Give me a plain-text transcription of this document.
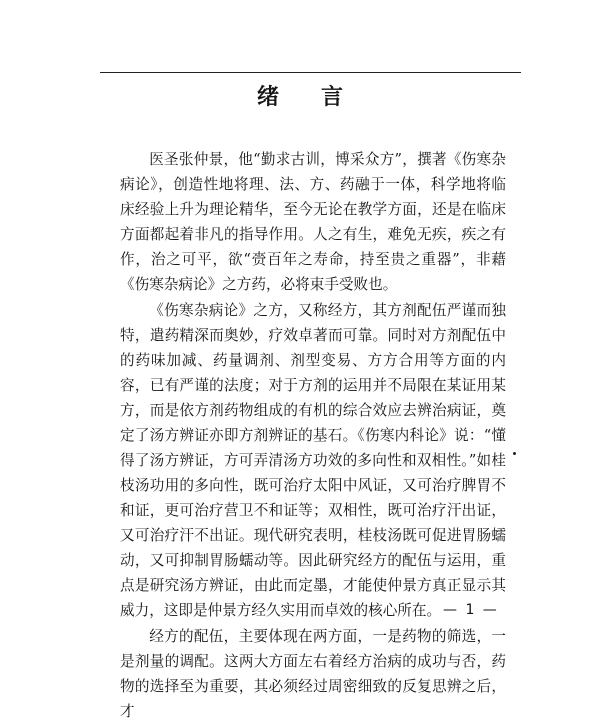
绪 言

医圣张仲景，他“勤求古训，博采众方”，撰著《伤寒杂病论》，创造性地将理、法、方、药融于一体，科学地将临床经验上升为理论精华，至今无论在教学方面，还是在临床方面都起着非凡的指导作用。人之有生，难免无疾，疾之有作，治之可平，欲“赍百年之寿命，持至贵之重器”，非藉《伤寒杂病论》之方药，必将束手受败也。

《伤寒杂病论》之方，又称经方，其方剂配伍严谨而独特，遣药精深而奥妙，疗效卓著而可靠。同时对方剂配伍中的药味加减、药量调剂、剂型变易、方方合用等方面的内容，已有严谨的法度；对于方剂的运用并不局限在某证用某方，而是依方剂药物组成的有机的综合效应去辨治病证，奠定了汤方辨证亦即方剂辨证的基石。《伤寒内科论》说：“懂得了汤方辨证，方可弄清汤方功效的多向性和双相性。”如桂枝汤功用的多向性，既可治疗太阳中风证，又可治疗脾胃不和证，更可治疗营卫不和证等；双相性，既可治疗汗出证，又可治疗汗不出证。现代研究表明，桂枝汤既可促进胃肠蠕动，又可抑制胃肠蠕动等。因此研究经方的配伍与运用，重点是研究汤方辨证，由此而定墨，才能使仲景方真正显示其威力，这即是仲景方经久实用而卓效的核心所在。

经方的配伍，主要体现在两方面，一是药物的筛选，一是剂量的调配。这两大方面左右着经方治病的成功与否，药物的选择至为重要，其必须经过周密细致的反复思辨之后，才

— 1 —
